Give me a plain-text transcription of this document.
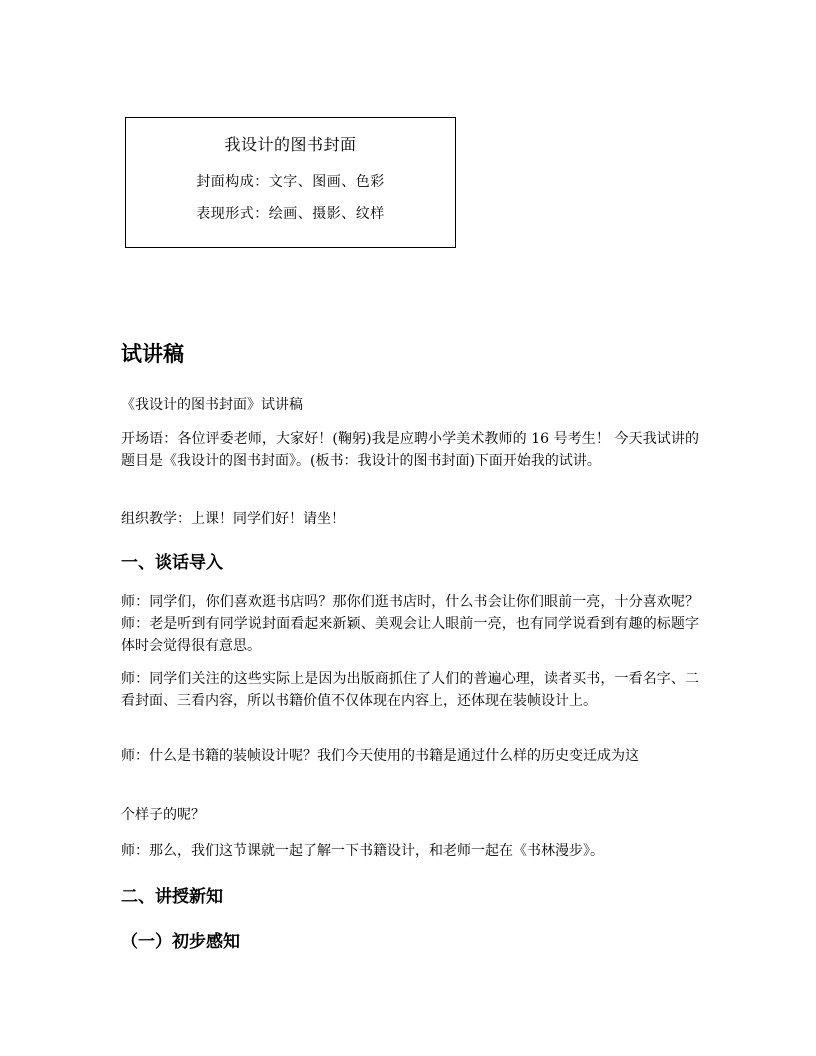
我设计的图书封面
封面构成：文字、图画、色彩
表现形式：绘画、摄影、纹样
试讲稿
《我设计的图书封面》试讲稿
开场语：各位评委老师，大家好！(鞠躬)我是应聘小学美术教师的 16 号考生！ 今天我试讲的题目是《我设计的图书封面》。(板书：我设计的图书封面)下面开始我的试讲。
组织教学：上课！同学们好！请坐！
一、谈话导入
师：同学们，你们喜欢逛书店吗？那你们逛书店时，什么书会让你们眼前一亮，十分喜欢呢？师：老是听到有同学说封面看起来新颖、美观会让人眼前一亮，也有同学说看到有趣的标题字体时会觉得很有意思。
师：同学们关注的这些实际上是因为出版商抓住了人们的普遍心理，读者买书，一看名字、二看封面、三看内容，所以书籍价值不仅体现在内容上，还体现在装帧设计上。
师：什么是书籍的装帧设计呢？我们今天使用的书籍是通过什么样的历史变迁成为这
个样子的呢？
师：那么，我们这节课就一起了解一下书籍设计，和老师一起在《书林漫步》。
二、讲授新知
（一）初步感知
